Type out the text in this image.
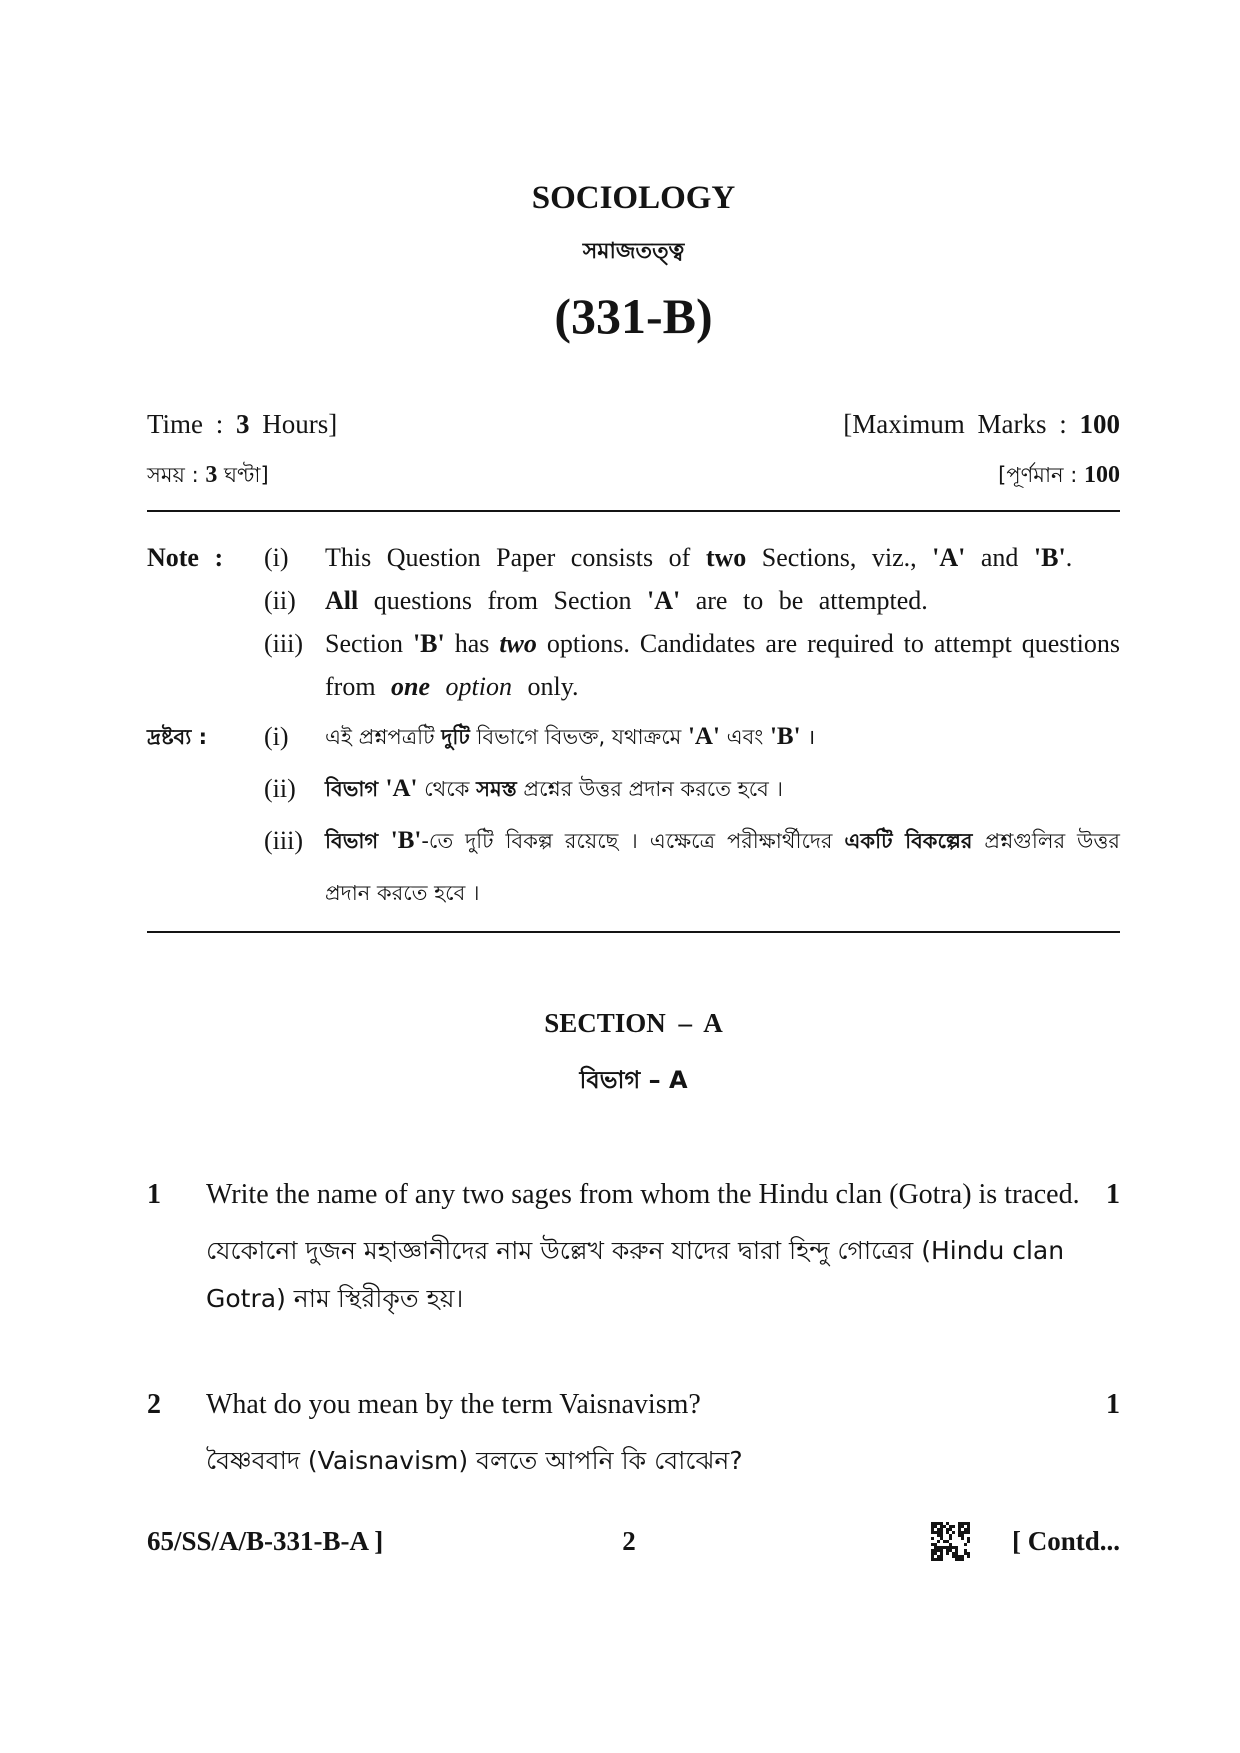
SOCIOLOGY
সমাজতত্ত্ব
(331-B)
Time : 3 Hours]	[Maximum Marks : 100
সময় : 3 ঘণ্টা]	[পূর্ণমান : 100
Note :	(i)	This Question Paper consists of two Sections, viz., 'A' and 'B'.
(ii)	All questions from Section 'A' are to be attempted.
(iii) Section 'B' has two options. Candidates are required to attempt questions
from one option only.
দ্রষ্টব্য :	(i)	এই প্রশ্নপত্রটি দুটি বিভাগে বিভক্ত, যথাক্রমে 'A' এবং 'B' ।
(ii)	বিভাগ 'A' থেকে সমস্ত প্রশ্নের উত্তর প্রদান করতে হবে ।
(iii)	বিভাগ 'B'-তে দুটি বিকল্প রয়েছে । এক্ষেত্রে পরীক্ষার্থীদের একটি বিকল্পের প্রশ্নগুলির উত্তর
প্রদান করতে হবে ।
SECTION – A
বিভাগ – A
1	Write the name of any two sages from whom the Hindu clan (Gotra) is traced. 1
যেকোনো দুজন মহাজ্ঞানীদের নাম উল্লেখ করুন যাদের দ্বারা হিন্দু গোত্রের (Hindu clan
Gotra) নাম স্থিরীকৃত হয়।
2	What do you mean by the term Vaisnavism?	1
বৈষ্ণববাদ (Vaisnavism) বলতে আপনি কি বোঝেন?
65/SS/A/B-331-B-A ]	2	[ Contd...
